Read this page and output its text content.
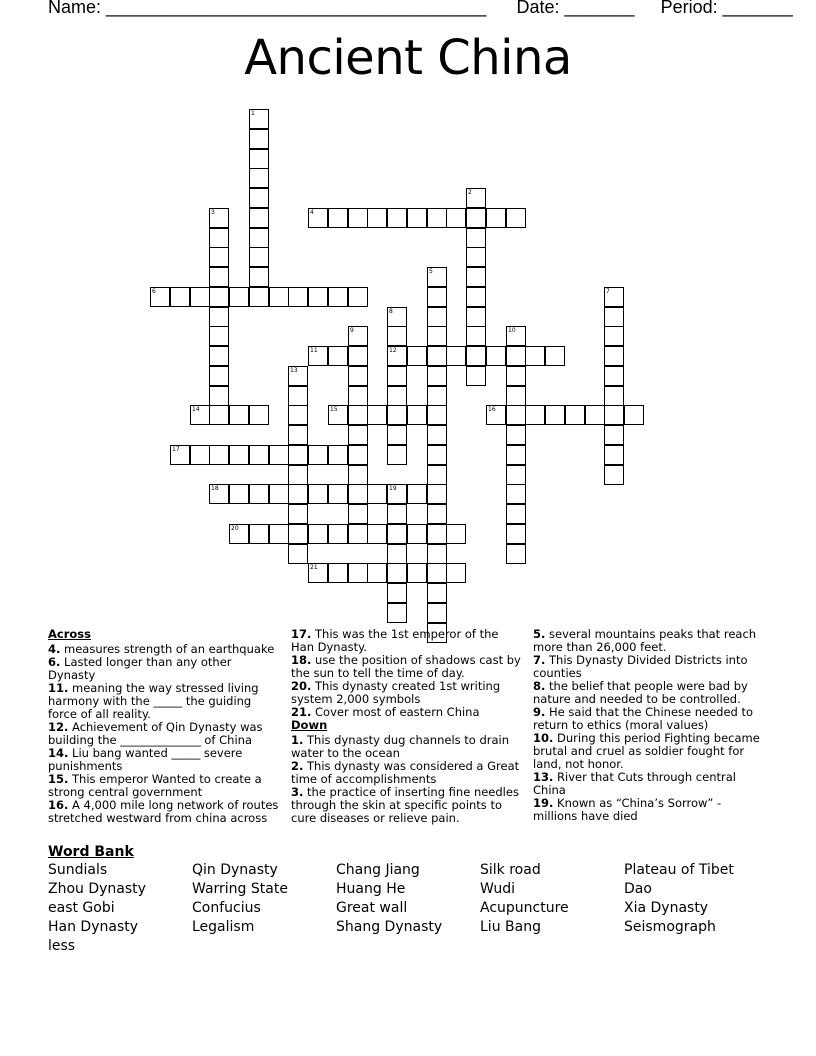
Name: ______________________________________ Date: _______ Period: _______
Ancient China
1
2
3	4
5
6	7
8
12
9	10
11
13
14	15	16
17
18	19
20
21

Across

4. measures strength of an earthquake

6. Lasted longer than any other Dynasty

11. meaning the way stressed living harmony with the _____ the guiding force of all reality.

12. Achievement of Qin Dynasty was building the ______________ of China

14. Liu bang wanted _____ severe punishments

15. This emperor Wanted to create a strong central government

16. A 4,000 mile long network of routes stretched westward from china across

17. This was the 1st emperor of the Han Dynasty.

18. use the position of shadows cast by the sun to tell the time of day.

20. This dynasty created 1st writing system 2,000 symbols

21. Cover most of eastern China

Down

1. This dynasty dug channels to drain water to the ocean

2. This dynasty was considered a Great time of accomplishments

3. the practice of inserting fine needles through the skin at specific points to cure diseases or relieve pain.

5. several mountains peaks that reach more than 26,000 feet.

7. This Dynasty Divided Districts into counties

8. the belief that people were bad by nature and needed to be controlled.

9. He said that the Chinese needed to return to ethics (moral values)

10. During this period Fighting became brutal and cruel as soldier fought for land, not honor.

13. River that Cuts through central China

19. Known as “China’s Sorrow” - millions have died

Word Bank
Sundials	Qin Dynasty	Chang Jiang	Silk road	Plateau of Tibet
Zhou Dynasty	Warring State	Huang He	Wudi	Dao
east Gobi	Confucius	Great wall	Acupuncture	Xia Dynasty
Han Dynasty	Legalism	Shang Dynasty	Liu Bang	Seismograph
less
